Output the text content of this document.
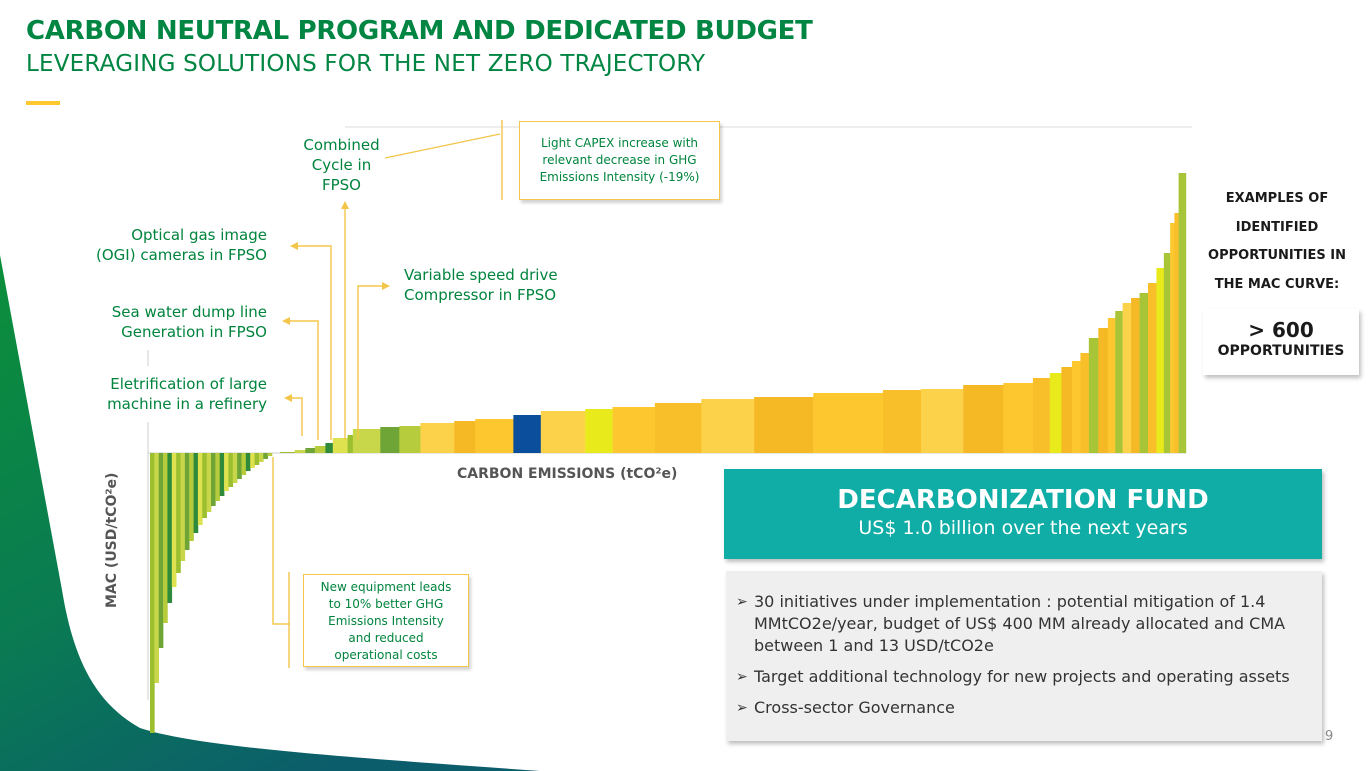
CARBON NEUTRAL PROGRAM AND DEDICATED BUDGET
LEVERAGING SOLUTIONS FOR THE NET ZERO TRAJECTORY
Combined
Cycle in
FPSO
Optical gas image
(OGI) cameras in FPSO
Variable speed drive
Compressor in FPSO
Sea water dump line
Generation in FPSO
Eletrification of large
machine in a refinery
Light CAPEX increase with
relevant decrease in GHG
Emissions Intensity (-19%)
New equipment leads
to 10% better GHG
Emissions Intensity
and reduced
operational costs
CARBON EMISSIONS (tCO²e)
MAC (USD/tCO²e)
EXAMPLES OF
IDENTIFIED
OPPORTUNITIES IN
THE MAC CURVE:
> 600
OPPORTUNITIES
DECARBONIZATION FUND
US$ 1.0 billion over the next years
➢ 30 initiatives under implementation : potential mitigation of 1.4 MMtCO2e/year, budget of US$ 400 MM already allocated and CMA between 1 and 13 USD/tCO2e
➢ Target additional technology for new projects and operating assets
➢ Cross-sector Governance
9
